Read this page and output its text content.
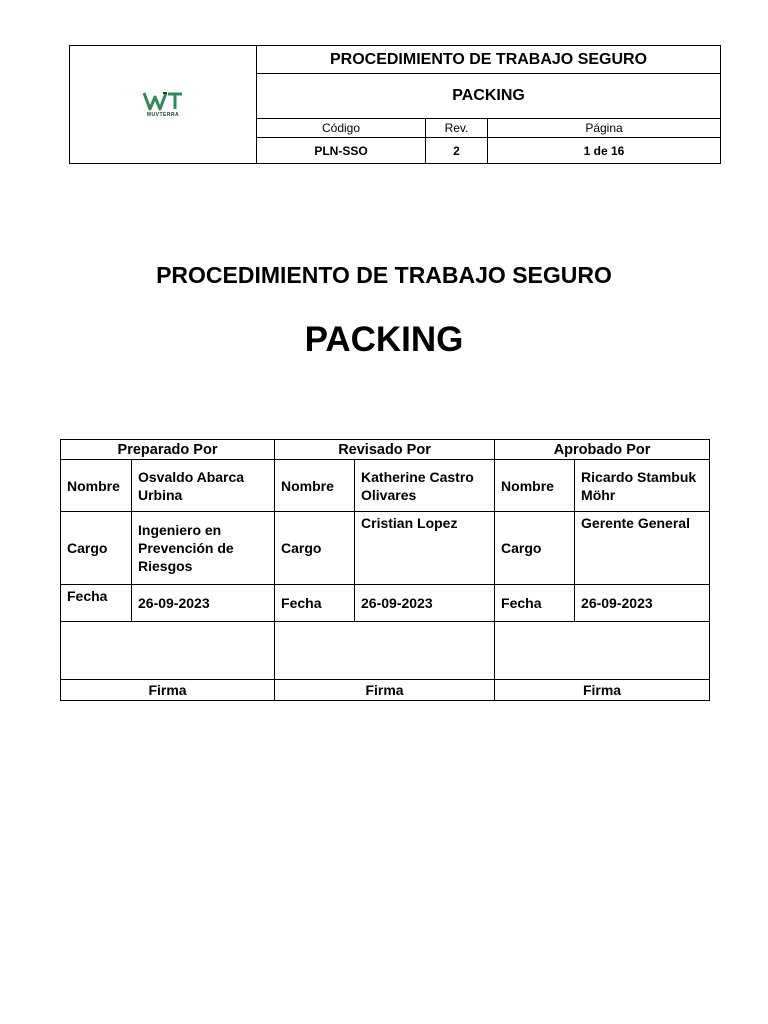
MUVTERRA	PROCEDIMIENTO DE TRABAJO SEGURO		
	PACKING		
	Código	Rev.	Página
	PLN-SSO	2	1 de 16
PROCEDIMIENTO DE TRABAJO SEGURO
PACKING
Preparado Por		Revisado Por		Aprobado Por	
Nombre	Osvaldo Abarca Urbina	Nombre	Katherine Castro Olivares	Nombre	Ricardo Stambuk Möhr
Cargo	Ingeniero en Prevención de Riesgos	Cargo	Cristian Lopez	Cargo	Gerente General
Fecha	26-09-2023	Fecha	26-09-2023	Fecha	26-09-2023

Firma		Firma		Firma	
